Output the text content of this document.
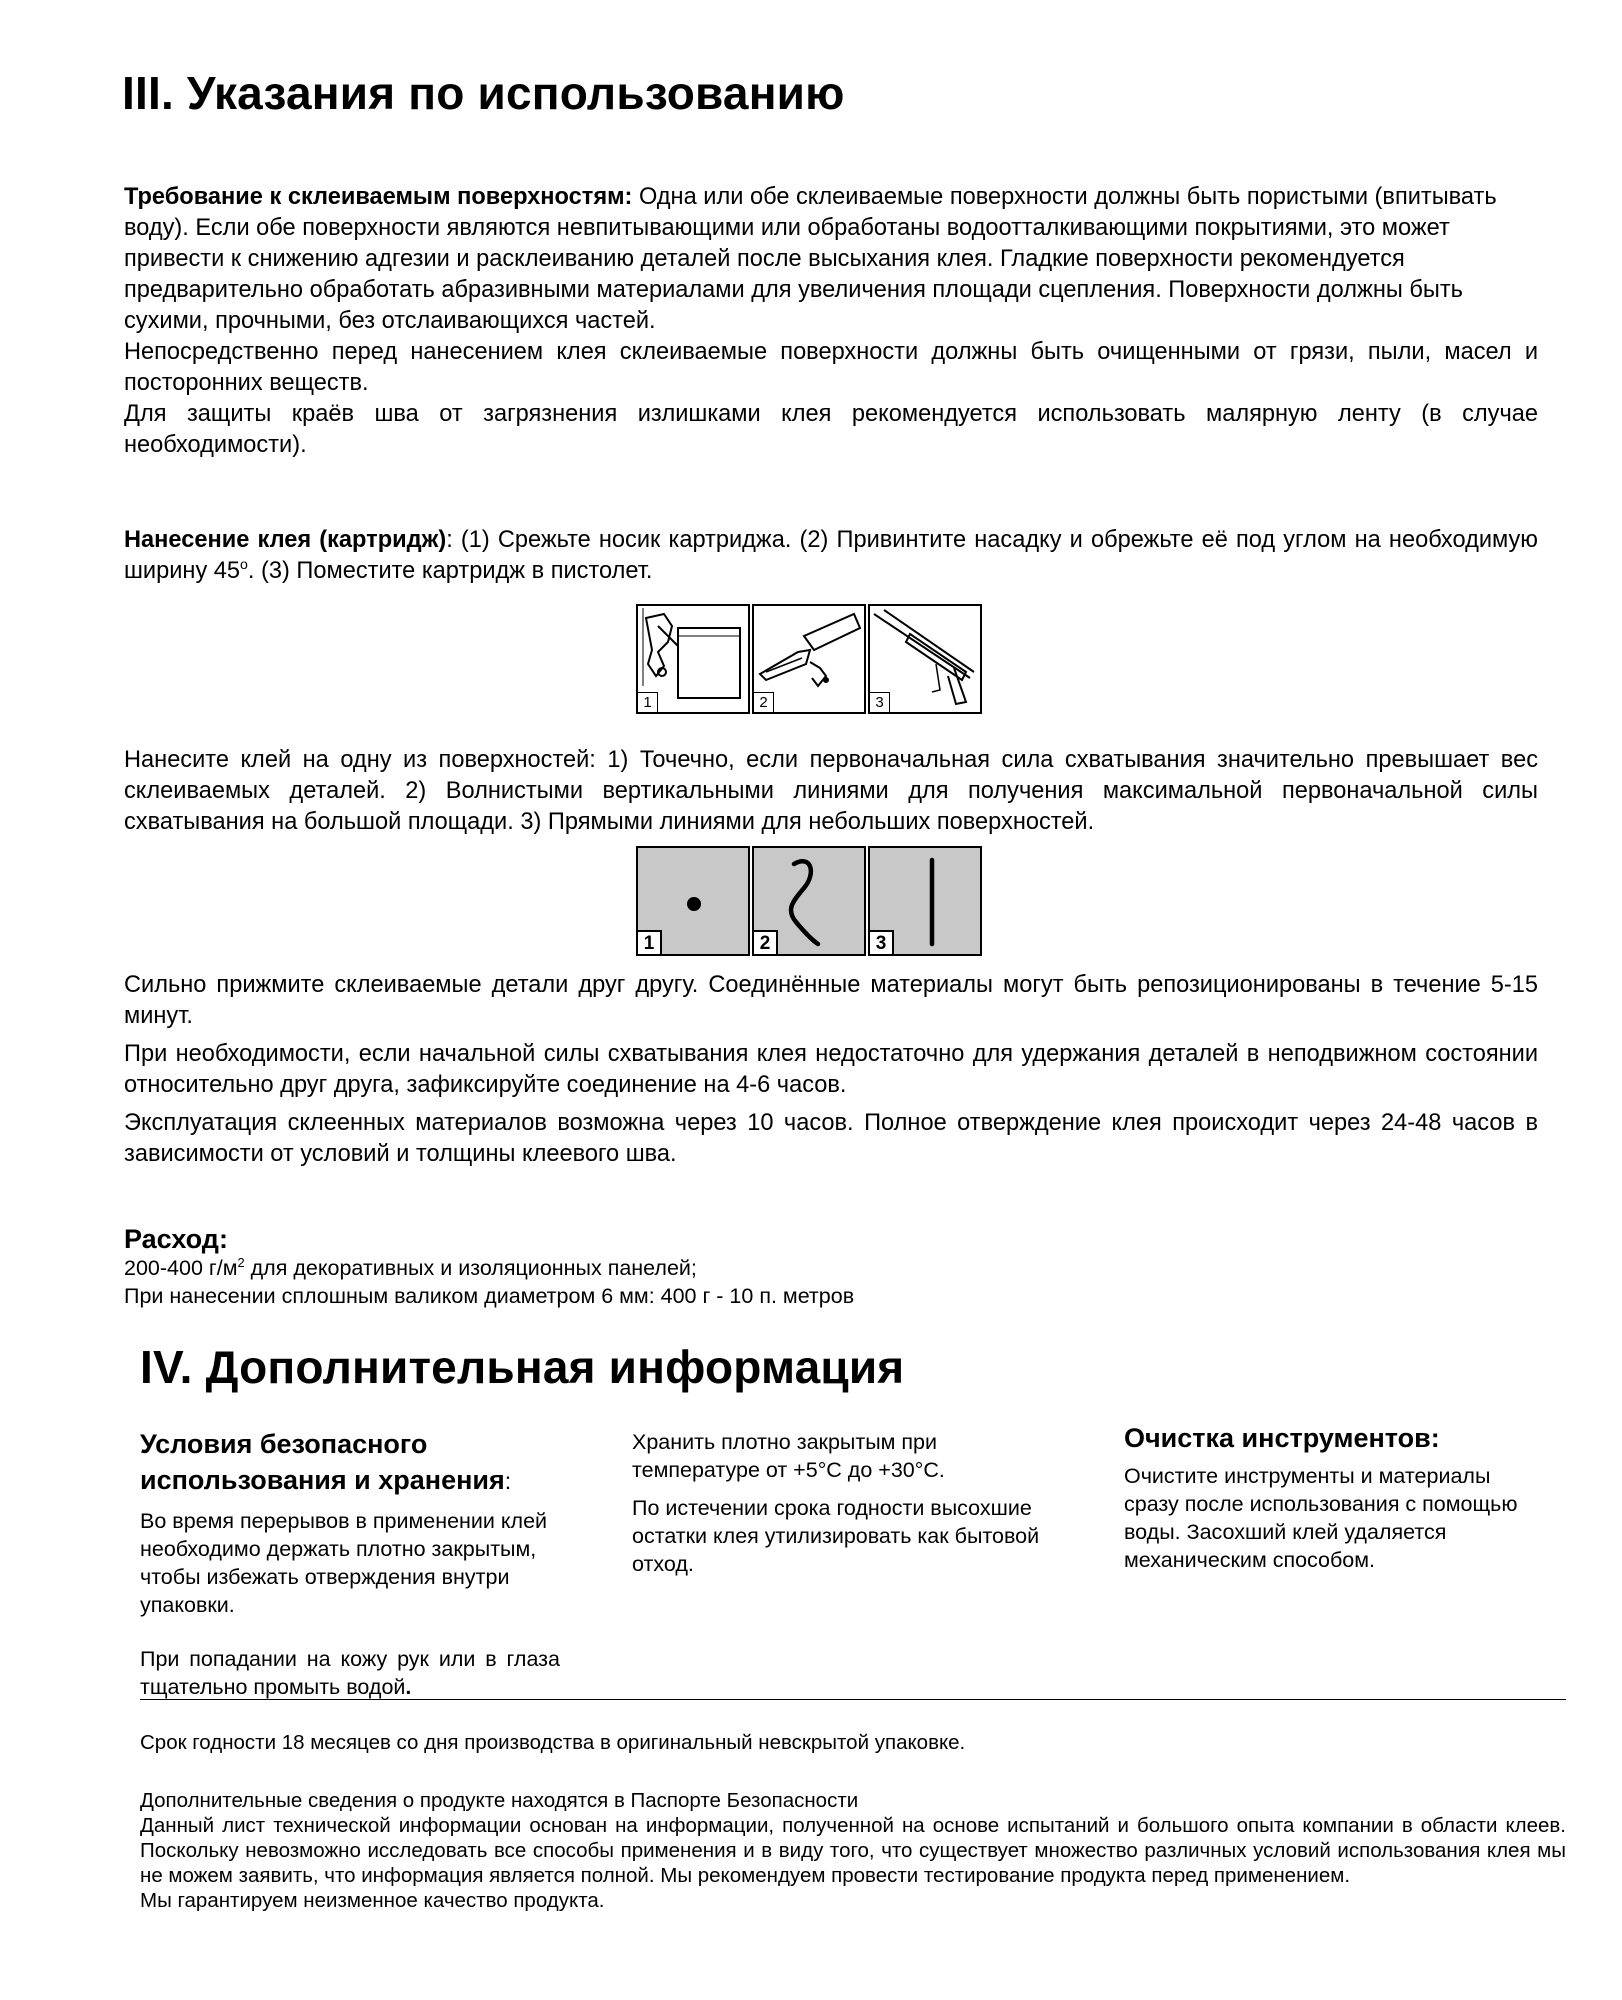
III. Указания по использованию

Требование к склеиваемым поверхностям: Одна или обе склеиваемые поверхности должны быть пористыми (впитывать воду). Если обе поверхности являются невпитывающими или обработаны водоотталкивающими покрытиями, это может привести к снижению адгезии и расклеиванию деталей после высыхания клея. Гладкие поверхности рекомендуется предварительно обработать абразивными материалами для увеличения площади сцепления. Поверхности должны быть сухими, прочными, без отслаивающихся частей.

Непосредственно перед нанесением клея склеиваемые поверхности должны быть очищенными от грязи, пыли, масел и посторонних веществ.

Для защиты краёв шва от загрязнения излишками клея рекомендуется использовать малярную ленту (в случае необходимости).

Нанесение клея (картридж): (1) Срежьте носик картриджа. (2) Привинтите насадку и обрежьте её под углом на необходимую ширину $45^о$. (3) Поместите картридж в пистолет.
1	2	3
Нанесите клей на одну из поверхностей: 1) Точечно, если первоначальная сила схватывания значительно превышает вес склеиваемых деталей. 2) Волнистыми вертикальными линиями для получения максимальной первоначальной силы схватывания на большой площади. 3) Прямыми линиями для небольших поверхностей.
1	2	3

Сильно прижмите склеиваемые детали друг другу. Соединённые материалы могут быть репозиционированы в течение 5-15 минут.

При необходимости, если начальной силы схватывания клея недостаточно для удержания деталей в неподвижном состоянии относительно друг друга, зафиксируйте соединение на 4-6 часов.

Эксплуатация склеенных материалов возможна через 10 часов. Полное отверждение клея происходит через 24-48 часов в зависимости от условий и толщины клеевого шва.

Расход:
200-400 $г/м^2$ для декоративных и изоляционных панелей;
При нанесении сплошным валиком диаметром 6 мм: 400 г - 10 п. метров
IV. Дополнительная информация
Условия безопасного использования и хранения:
Во время перерывов в применении клей необходимо держать плотно закрытым, чтобы избежать отверждения внутри упаковки.
При попадании на кожу рук или в глаза тщательно промыть водой.
Хранить плотно закрытым при температуре от +5°C до +30°C.
По истечении срока годности высохшие остатки клея утилизировать как бытовой отход.
Очистка инструментов:
Очистите инструменты и материалы сразу после использования с помощью воды. Засохший клей удаляется механическим способом.
Срок годности 18 месяцев со дня производства в оригинальный невскрытой упаковке.
Дополнительные сведения о продукте находятся в Паспорте Безопасности
Данный лист технической информации основан на информации, полученной на основе испытаний и большого опыта компании в области клеев. Поскольку невозможно исследовать все способы применения и в виду того, что существует множество различных условий использования клея мы не можем заявить, что информация является полной. Мы рекомендуем провести тестирование продукта перед применением.
Мы гарантируем неизменное качество продукта.
